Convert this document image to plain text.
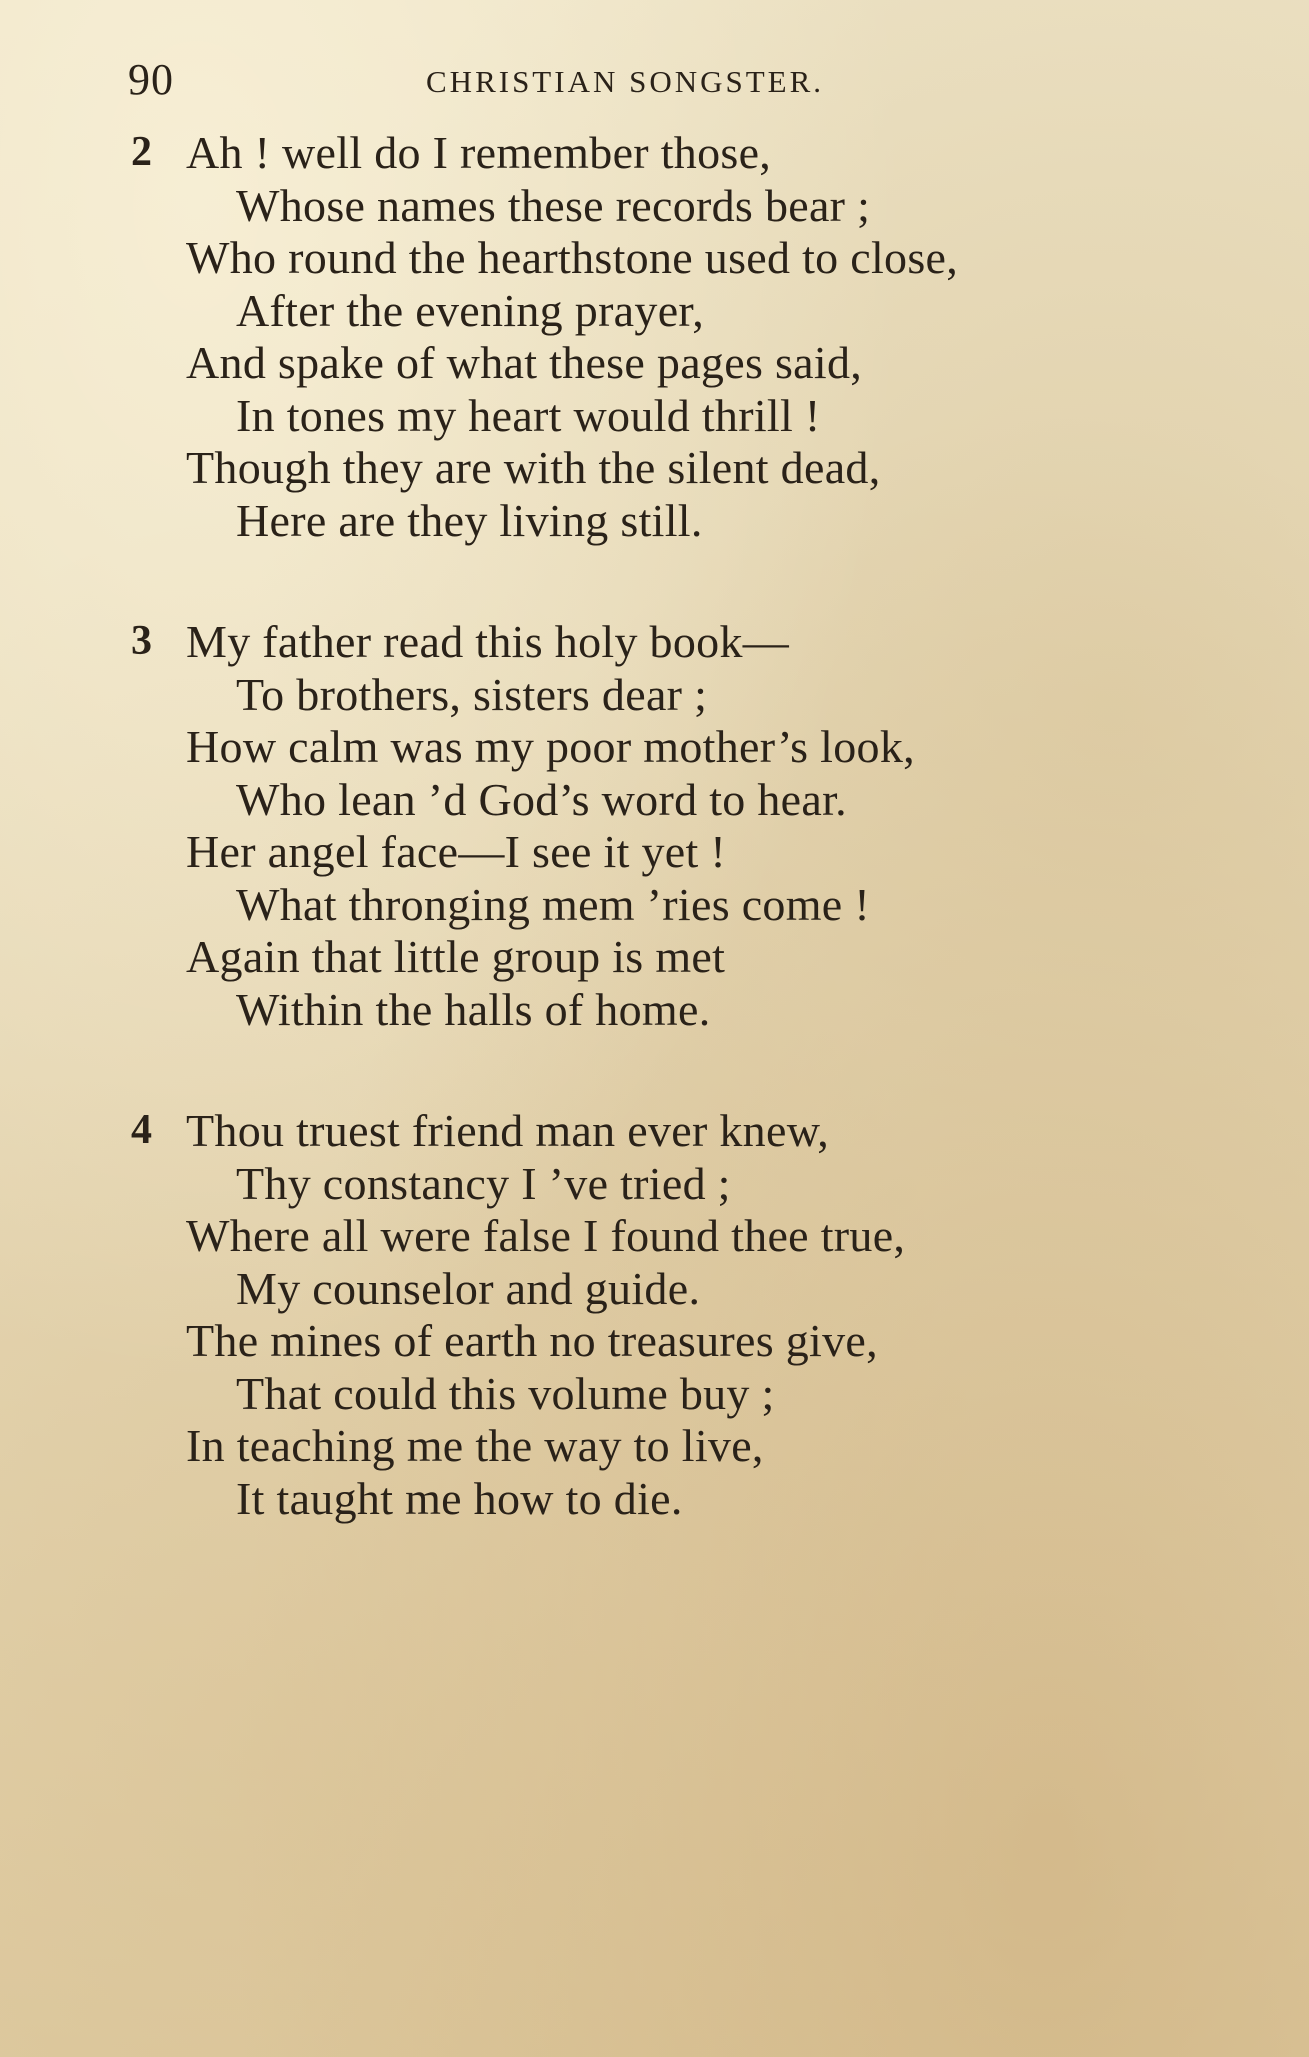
90	CHRISTIAN SONGSTER.
2 Ah ! well do I remember those,
Whose names these records bear ;
Who round the hearthstone used to close,
After the evening prayer,
And spake of what these pages said,
In tones my heart would thrill !
Though they are with the silent dead,
Here are they living still.
3 My father read this holy book—
To brothers, sisters dear ;
How calm was my poor mother’s look,
Who lean ’d God’s word to hear.
Her angel face—I see it yet !
What thronging mem ’ries come !
Again that little group is met
Within the halls of home.
4 Thou truest friend man ever knew,
Thy constancy I ’ve tried ;
Where all were false I found thee true,
My counselor and guide.
The mines of earth no treasures give,
That could this volume buy ;
In teaching me the way to live,
It taught me how to die.
